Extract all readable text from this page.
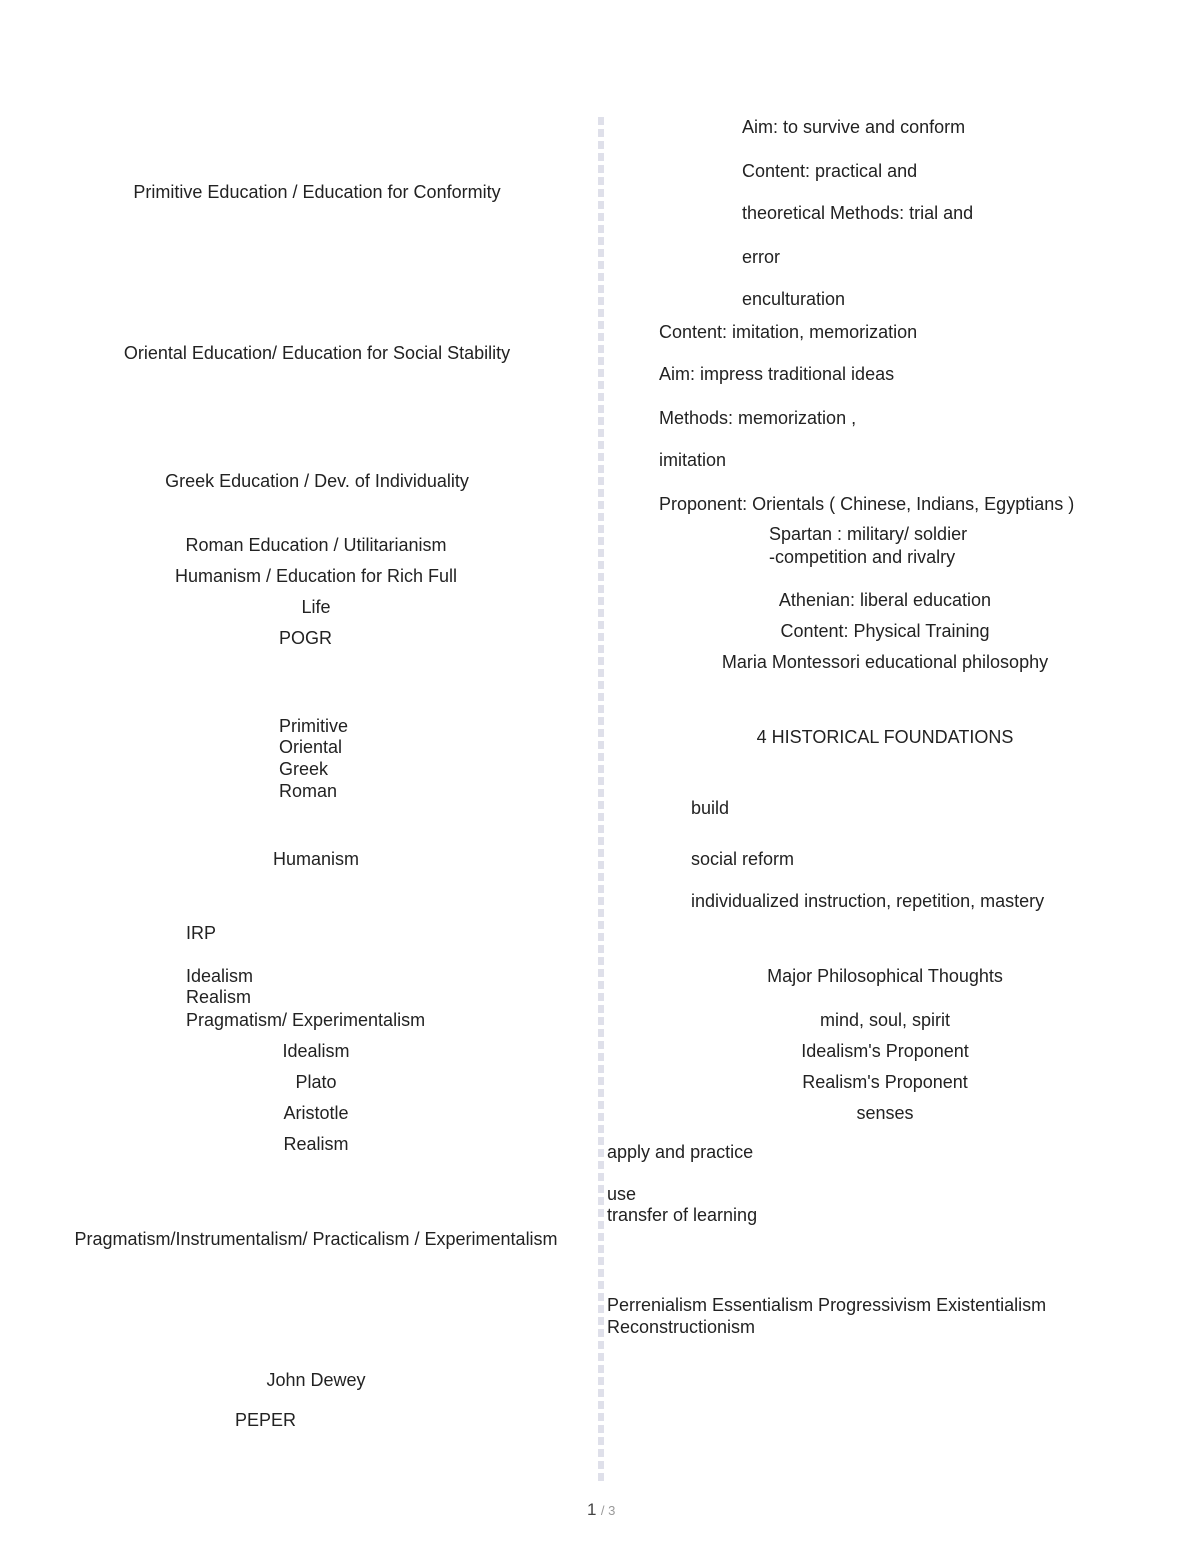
Primitive Education / Education for Conformity
Oriental Education/ Education for Social Stability
Greek Education / Dev. of Individuality
Roman Education / Utilitarianism
Humanism / Education for Rich Full
Life
POGR
Primitive
Oriental
Greek
Roman
Humanism
IRP
Idealism
Realism
Pragmatism/ Experimentalism
Idealism
Plato
Aristotle
Realism
Pragmatism/Instrumentalism/ Practicalism / Experimentalism
John Dewey
PEPER
Aim: to survive and conform
Content: practical and
theoretical Methods: trial and
error
enculturation
Content: imitation, memorization
Aim: impress traditional ideas
Methods: memorization ,
imitation
Proponent: Orientals ( Chinese, Indians, Egyptians )
Spartan : military/ soldier
-competition and rivalry
Athenian: liberal education
Content: Physical Training
Maria Montessori educational philosophy
4 HISTORICAL FOUNDATIONS
build
social reform
individualized instruction, repetition, mastery
Major Philosophical Thoughts
mind, soul, spirit
Idealism's Proponent
Realism's Proponent
senses
apply and practice
use
transfer of learning
Perrenialism Essentialism Progressivism Existentialism
Reconstructionism
1 / 3
